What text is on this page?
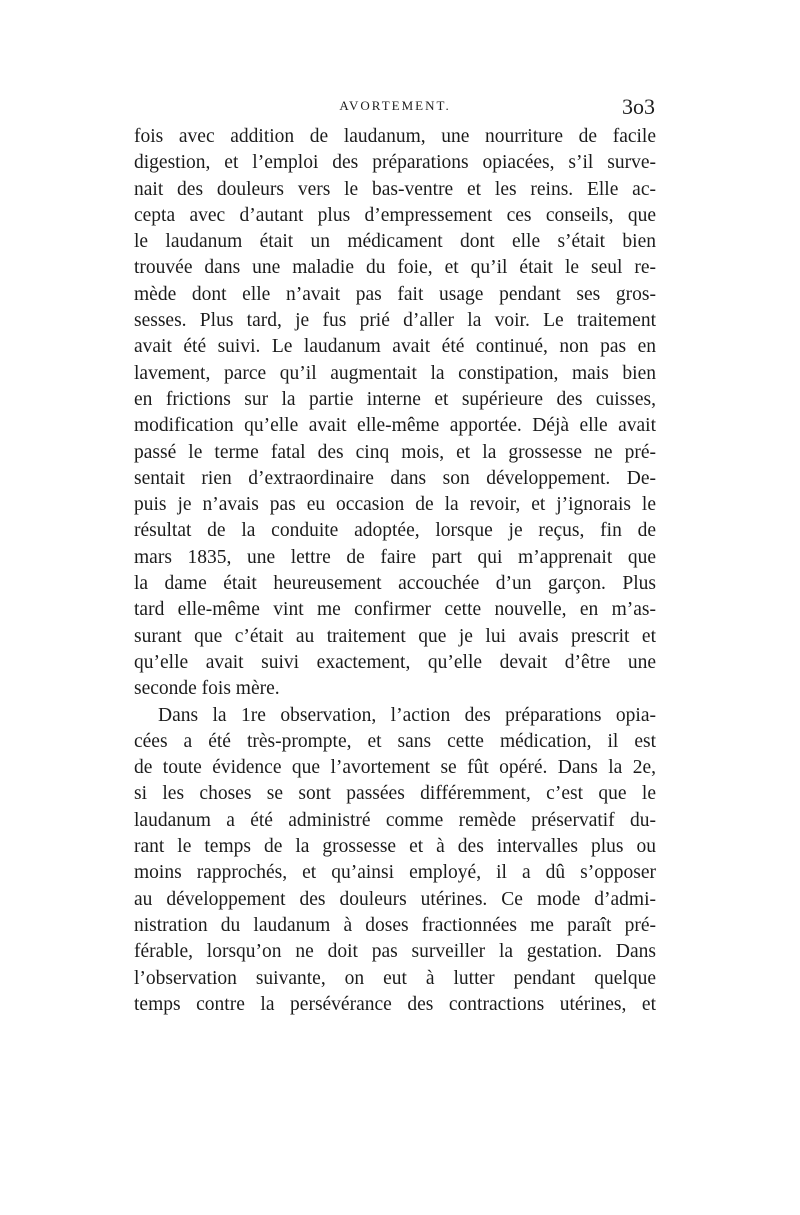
AVORTEMENT.	3o3
fois avec addition de laudanum, une nourriture de facile
digestion, et l’emploi des préparations opiacées, s’il surve-
nait des douleurs vers le bas-ventre et les reins. Elle ac-
cepta avec d’autant plus d’empressement ces conseils, que
le laudanum était un médicament dont elle s’était bien
trouvée dans une maladie du foie, et qu’il était le seul re-
mède dont elle n’avait pas fait usage pendant ses gros-
sesses. Plus tard, je fus prié d’aller la voir. Le traitement
avait été suivi. Le laudanum avait été continué, non pas en
lavement, parce qu’il augmentait la constipation, mais bien
en frictions sur la partie interne et supérieure des cuisses,
modification qu’elle avait elle-même apportée. Déjà elle avait
passé le terme fatal des cinq mois, et la grossesse ne pré-
sentait rien d’extraordinaire dans son développement. De-
puis je n’avais pas eu occasion de la revoir, et j’ignorais le
résultat de la conduite adoptée, lorsque je reçus, fin de
mars 1835, une lettre de faire part qui m’apprenait que
la dame était heureusement accouchée d’un garçon. Plus
tard elle-même vint me confirmer cette nouvelle, en m’as-
surant que c’était au traitement que je lui avais prescrit et
qu’elle avait suivi exactement, qu’elle devait d’être une
seconde fois mère.
Dans la 1re observation, l’action des préparations opia-
cées a été très-prompte, et sans cette médication, il est
de toute évidence que l’avortement se fût opéré. Dans la 2e,
si les choses se sont passées différemment, c’est que le
laudanum a été administré comme remède préservatif du-
rant le temps de la grossesse et à des intervalles plus ou
moins rapprochés, et qu’ainsi employé, il a dû s’opposer
au développement des douleurs utérines. Ce mode d’admi-
nistration du laudanum à doses fractionnées me paraît pré-
férable, lorsqu’on ne doit pas surveiller la gestation. Dans
l’observation suivante, on eut à lutter pendant quelque
temps contre la persévérance des contractions utérines, et
